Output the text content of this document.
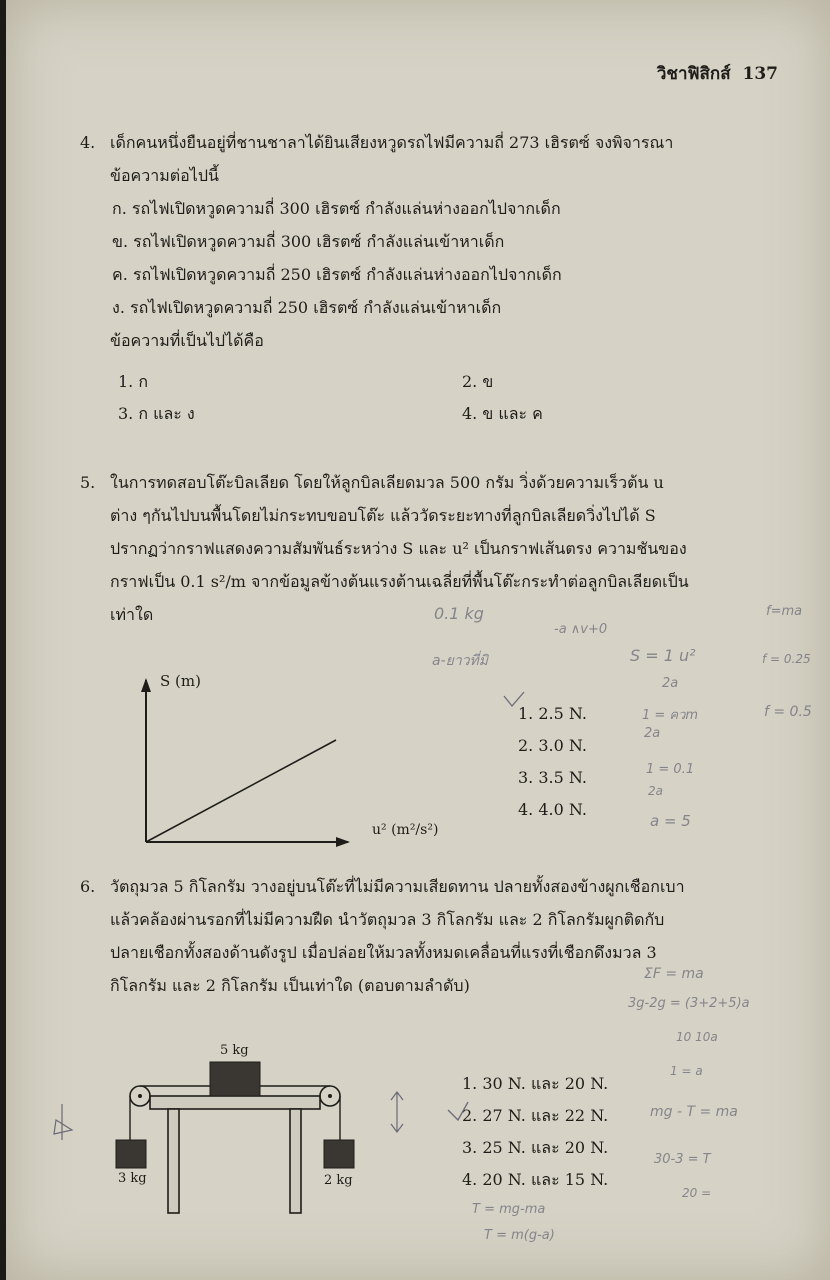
วิชาฟิสิกส์ 137
4. เด็กคนหนึ่งยืนอยู่ที่ชานชาลาได้ยินเสียงหวูดรถไฟมีความถี่ 273 เฮิรตซ์ จงพิจารณา
ข้อความต่อไปนี้
ก. รถไฟเปิดหวูดความถี่ 300 เฮิรตซ์ กำลังแล่นห่างออกไปจากเด็ก
ข. รถไฟเปิดหวูดความถี่ 300 เฮิรตซ์ กำลังแล่นเข้าหาเด็ก
ค. รถไฟเปิดหวูดความถี่ 250 เฮิรตซ์ กำลังแล่นห่างออกไปจากเด็ก
ง. รถไฟเปิดหวูดความถี่ 250 เฮิรตซ์ กำลังแล่นเข้าหาเด็ก
ข้อความที่เป็นไปได้คือ
1. ก	2. ข
3. ก และ ง	4. ข และ ค
5. ในการทดสอบโต๊ะบิลเลียด โดยให้ลูกบิลเลียดมวล 500 กรัม วิ่งด้วยความเร็วต้น u
ต่าง ๆกันไปบนพื้นโดยไม่กระทบขอบโต๊ะ แล้ววัดระยะทางที่ลูกบิลเลียดวิ่งไปได้ S
ปรากฏว่ากราฟแสดงความสัมพันธ์ระหว่าง S และ u² เป็นกราฟเส้นตรง ความชันของ
กราฟเป็น 0.1 s²/m จากข้อมูลข้างต้นแรงต้านเฉลี่ยที่พื้นโต๊ะกระทำต่อลูกบิลเลียดเป็น
เท่าใด
S (m)
u² (m²/s²)
1. 2.5 N.
2. 3.0 N.
3. 3.5 N.
4. 4.0 N.
6. วัตถุมวล 5 กิโลกรัม วางอยู่บนโต๊ะที่ไม่มีความเสียดทาน ปลายทั้งสองข้างผูกเชือกเบา
แล้วคล้องผ่านรอกที่ไม่มีความฝืด นำวัตถุมวล 3 กิโลกรัม และ 2 กิโลกรัมผูกติดกับ
ปลายเชือกทั้งสองด้านดังรูป เมื่อปล่อยให้มวลทั้งหมดเคลื่อนที่แรงที่เชือกดึงมวล 3
กิโลกรัม และ 2 กิโลกรัม เป็นเท่าใด (ตอบตามลำดับ)
5 kg
3 kg	2 kg
1. 30 N. และ 20 N.
2. 27 N. และ 22 N.
3. 25 N. และ 20 N.
4. 20 N. และ 15 N.
0.1 kg
-a ∧v+0
a-ยาวที่มิ	S = 1 u²
2a
1 = ควm
2a
1 = 0.1
2a
a = 5
f=ma
f = 0.5
f = 0.25
ΣF = ma
3g-2g = (3+2+5)a
10 10a
1 = a
mg - T = ma
30-3 = T
20 =
T = mg-ma
T = m(g-a)
